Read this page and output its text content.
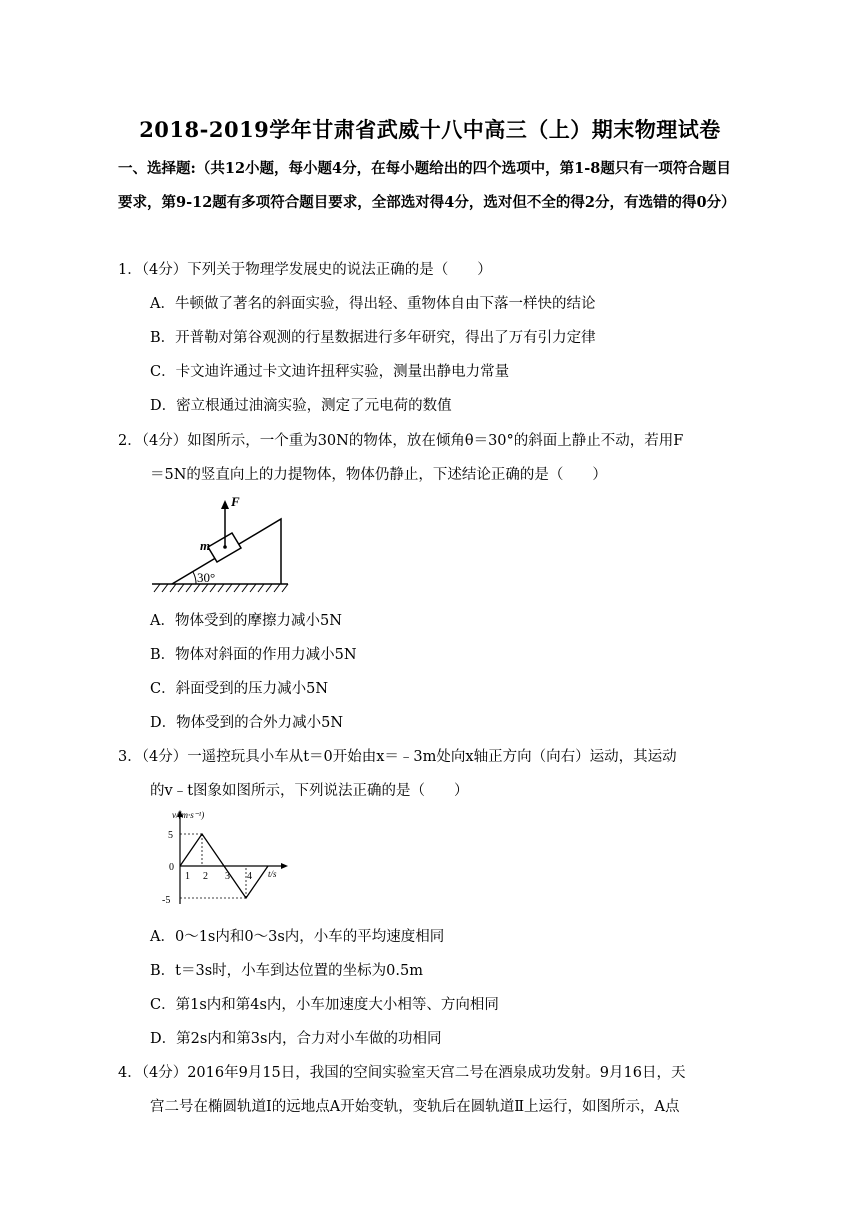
2018-2019学年甘肃省武威十八中高三（上）期末物理试卷
一、选择题:（共12小题，每小题4分，在每小题给出的四个选项中，第1-8题只有一项符合题目要求，第9-12题有多项符合题目要求，全部选对得4分，选对但不全的得2分，有选错的得0分）
1．（4分）下列关于物理学发展史的说法正确的是（　　）
A．牛顿做了著名的斜面实验，得出轻、重物体自由下落一样快的结论
B．开普勒对第谷观测的行星数据进行多年研究，得出了万有引力定律
C．卡文迪许通过卡文迪许扭秤实验，测量出静电力常量
D．密立根通过油滴实验，测定了元电荷的数值
2．（4分）如图所示，一个重为30N的物体，放在倾角θ＝30°的斜面上静止不动，若用F
＝5N的竖直向上的力提物体，物体仍静止，下述结论正确的是（　　）
F
m
30°
A．物体受到的摩擦力减小5N
B．物体对斜面的作用力减小5N
C．斜面受到的压力减小5N
D．物体受到的合外力减小5N
3．（4分）一遥控玩具小车从t＝0开始由x＝﹣3m处向x轴正方向（向右）运动，其运动
的v﹣t图象如图所示，下列说法正确的是（　　）
v/(m·s⁻¹)
t/s
5
0
1 2 3 4
-5
A．0～1s内和0～3s内，小车的平均速度相同
B．t＝3s时，小车到达位置的坐标为0.5m
C．第1s内和第4s内，小车加速度大小相等、方向相同
D．第2s内和第3s内，合力对小车做的功相同
4．（4分）2016年9月15日，我国的空间实验室天宫二号在酒泉成功发射。9月16日，天
宫二号在椭圆轨道Ⅰ的远地点A开始变轨，变轨后在圆轨道Ⅱ上运行，如图所示，A点
